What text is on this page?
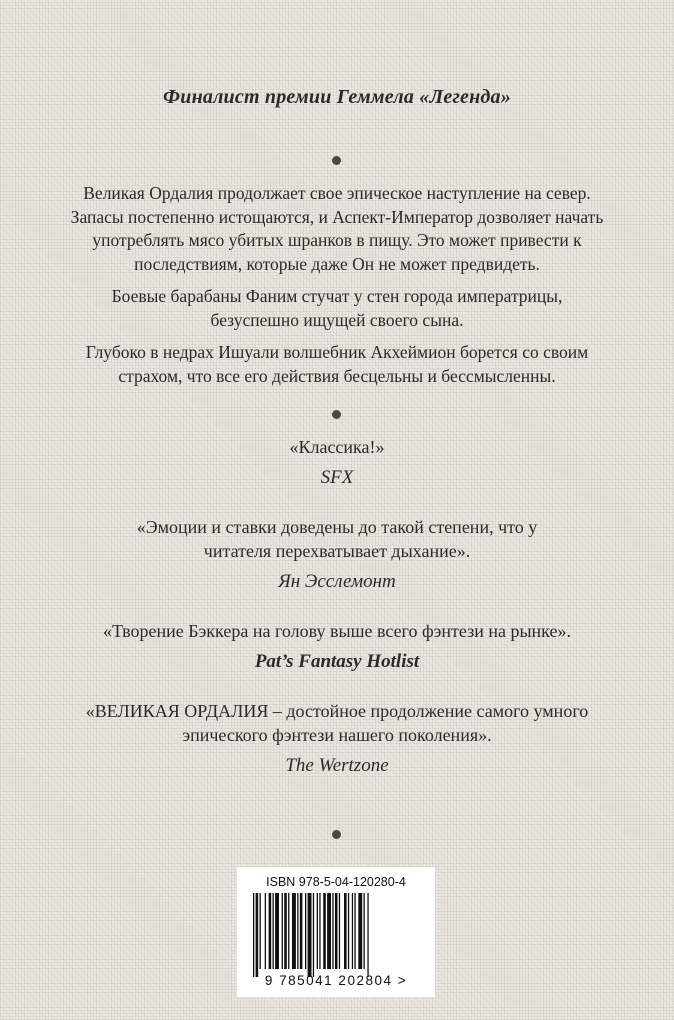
Финалист премии Геммела «Легенда»

Великая Ордалия продолжает свое эпическое наступление на север. Запасы постепенно истощаются, и Аспект-Император дозволяет начать употреблять мясо убитых шранков в пищу. Это может привести к последствиям, которые даже Он не может предвидеть.

Боевые барабаны Фаним стучат у стен города императрицы, безуспешно ищущей своего сына.

Глубоко в недрах Ишуали волшебник Акхеймион борется со своим страхом, что все его действия бесцельны и бессмысленны.

«Классика!»

SFX

«Эмоции и ставки доведены до такой степени, что у читателя перехватывает дыхание».

Ян Эсслемонт

«Творение Бэккера на голову выше всего фэнтези на рынке».

Pat’s Fantasy Hotlist

«ВЕЛИКАЯ ОРДАЛИЯ – достойное продолжение самого умного эпического фэнтези нашего поколения».

The Wertzone

ISBN 978-5-04-120280-4
9 785041 202804 >
